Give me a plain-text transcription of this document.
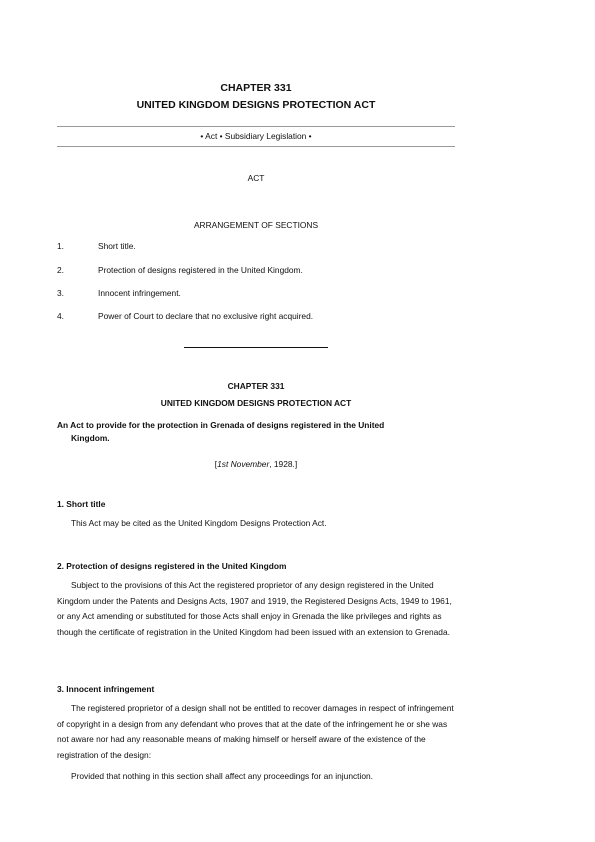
CHAPTER 331
UNITED KINGDOM DESIGNS PROTECTION ACT
• Act • Subsidiary Legislation •
ACT
ARRANGEMENT OF SECTIONS
1.	Short title.
2.	Protection of designs registered in the United Kingdom.
3.	Innocent infringement.
4.	Power of Court to declare that no exclusive right acquired.
CHAPTER 331
UNITED KINGDOM DESIGNS PROTECTION ACT
An Act to provide for the protection in Grenada of designs registered in the United
Kingdom.
[1st November, 1928.]
1. Short title
This Act may be cited as the United Kingdom Designs Protection Act.
2. Protection of designs registered in the United Kingdom
Subject to the provisions of this Act the registered proprietor of any design registered in the United Kingdom under the Patents and Designs Acts, 1907 and 1919, the Registered Designs Acts, 1949 to 1961, or any Act amending or substituted for those Acts shall enjoy in Grenada the like privileges and rights as though the certificate of registration in the United Kingdom had been issued with an extension to Grenada.
3. Innocent infringement
The registered proprietor of a design shall not be entitled to recover damages in respect of infringement of copyright in a design from any defendant who proves that at the date of the infringement he or she was not aware nor had any reasonable means of making himself or herself aware of the existence of the registration of the design:
Provided that nothing in this section shall affect any proceedings for an injunction.
